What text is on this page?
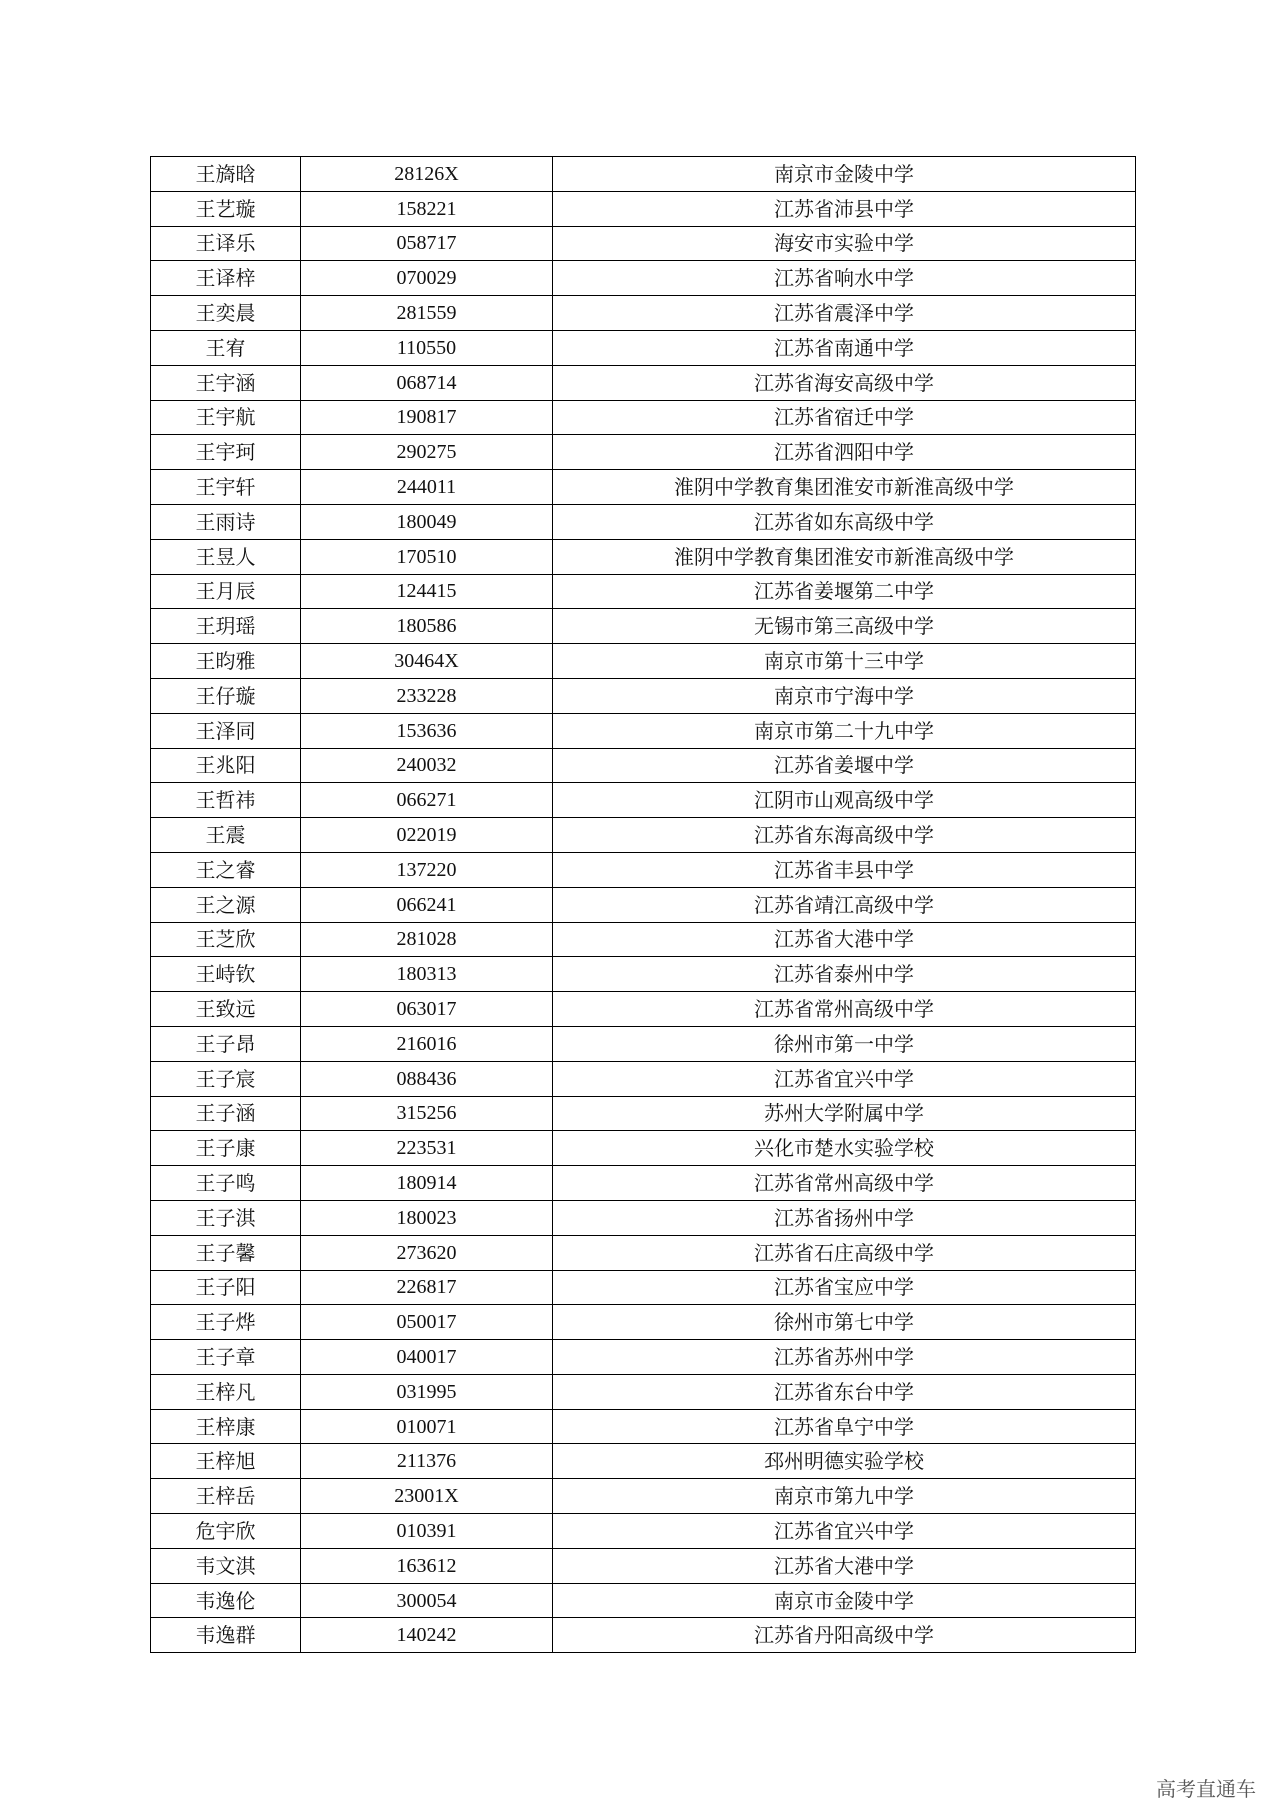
王旖晗	28126X	南京市金陵中学
王艺璇	158221	江苏省沛县中学
王译乐	058717	海安市实验中学
王译梓	070029	江苏省响水中学
王奕晨	281559	江苏省震泽中学
王宥	110550	江苏省南通中学
王宇涵	068714	江苏省海安高级中学
王宇航	190817	江苏省宿迁中学
王宇珂	290275	江苏省泗阳中学
王宇轩	244011	淮阴中学教育集团淮安市新淮高级中学
王雨诗	180049	江苏省如东高级中学
王昱人	170510	淮阴中学教育集团淮安市新淮高级中学
王月辰	124415	江苏省姜堰第二中学
王玥瑶	180586	无锡市第三高级中学
王昀雅	30464X	南京市第十三中学
王仔璇	233228	南京市宁海中学
王泽同	153636	南京市第二十九中学
王兆阳	240032	江苏省姜堰中学
王哲祎	066271	江阴市山观高级中学
王震	022019	江苏省东海高级中学
王之睿	137220	江苏省丰县中学
王之源	066241	江苏省靖江高级中学
王芝欣	281028	江苏省大港中学
王峙钦	180313	江苏省泰州中学
王致远	063017	江苏省常州高级中学
王子昂	216016	徐州市第一中学
王子宸	088436	江苏省宜兴中学
王子涵	315256	苏州大学附属中学
王子康	223531	兴化市楚水实验学校
王子鸣	180914	江苏省常州高级中学
王子淇	180023	江苏省扬州中学
王子馨	273620	江苏省石庄高级中学
王子阳	226817	江苏省宝应中学
王子烨	050017	徐州市第七中学
王子章	040017	江苏省苏州中学
王梓凡	031995	江苏省东台中学
王梓康	010071	江苏省阜宁中学
王梓旭	211376	邳州明德实验学校
王梓岳	23001X	南京市第九中学
危宇欣	010391	江苏省宜兴中学
韦文淇	163612	江苏省大港中学
韦逸伦	300054	南京市金陵中学
韦逸群	140242	江苏省丹阳高级中学
高考直通车
